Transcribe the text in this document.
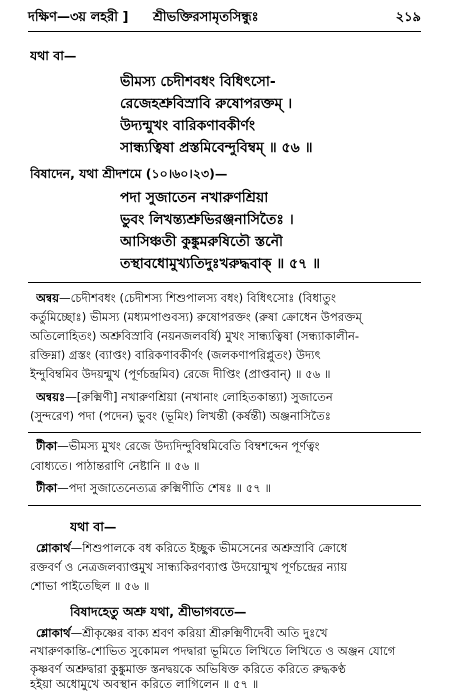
দক্ষিণ—৩য় লহরী ] শ্রীভক্তিরসামৃতসিন্ধুঃ	২১৯
যথা বা—
ভীমস্য চেদীশবধং বিধিৎসো-
রেজেহশ্রুবিস্রাবি রুষোপরক্তম্ ।
উদ্যন্মুখং বারিকণাবকীর্ণং
সান্ধ্যত্বিষা প্রস্তমিবেন্দুবিম্বম্ ॥ ৫৬ ॥
বিষাদেন, যথা শ্রীদশমে (১০।৬০।২৩)—
পদা সুজাতেন নখারুণশ্রিয়া
ভুবং লিখন্ত্যশ্রুভিরঞ্জনাসিতৈঃ ।
আসিঞ্চতী কুঙ্কুমরুষিতৌ স্তনৌ
তস্থাবধোমুখ্যতিদুঃখরুদ্ধবাক্ ॥ ৫৭ ॥
অন্বয়—চেদীশবধং (চেদীশস্য শিশুপালস্য বধং) বিধিৎসোঃ (বিধাতুং
কর্তুমিচ্ছোঃ) ভীমস্য (মধ্যমপাণ্ডবস্য) রুষোপরক্তং (রুষা ক্রোধেন উপরক্তম্
অতিলোহিতং) অশ্রুবিস্রাবি (নয়নজলবর্ষি) মুখং সান্ধ্যত্বিষা (সন্ধ্যাকালীন-
রক্তিম্না) গ্রস্তং (ব্যাপ্তং) বারিকণাবকীর্ণং (জলকণাপরিপ্লুতং) উদ্যৎ
ইন্দুবিম্বমিব উদয়ন্মুখ (পূর্ণচন্দ্রমিব) রেজে দীপ্তিং (প্রাপ্তবান্) ॥ ৫৬ ॥
অন্বয়ঃ—[রুক্মিণী] নখারুণশ্রিয়া (নখানাং লোহিতকান্ত্যা) সুজাতেন
(সুন্দরেণ) পদা (পদেন) ভুবং (ভূমিং) লিখন্তী (কর্ষন্তী) অঞ্জনাসিতৈঃ
টীকা—ভীমস্য মুখং রেজে উদ্যদিন্দুবিম্বমিবেতি বিম্বশব্দেন পূর্ণত্বং
বোধ্যতে। পাঠান্তরাণি নেষ্টানি ॥ ৫৬ ॥
টীকা—পদা সুজাতেনেত্যত্র রুক্মিণীতি শেষঃ ॥ ৫৭ ॥
যথা বা—
শ্লোকার্থ—শিশুপালকে বধ করিতে ইচ্ছুক ভীমসেনের অশ্রুস্রাবি ক্রোধে
রক্তবর্ণ ও নেত্রজলব্যাপ্তমুখ সান্ধ্যকিরণব্যাপ্ত উদয়োন্মুখ পূর্ণচন্দ্রের ন্যায়
শোভা পাইতেছিল ॥ ৫৬ ॥
বিষাদহেতু অশ্রু যথা, শ্রীভাগবতে—
শ্লোকার্থ—শ্রীকৃষ্ণের বাক্য শ্রবণ করিয়া শ্রীরুক্মিণীদেবী অতি দুঃখে
নখারুণকান্তি-শোভিত সুকোমল পদদ্বারা ভূমিতে লিখিতে লিখিতে ও অঞ্জন যোগে
কৃষ্ণবর্ণ অশ্রুদ্বারা কুঙ্কুমাক্ত স্তনদ্বয়কে অভিষিক্ত করিতে করিতে রুদ্ধকণ্ঠ
হইয়া অধোমুখে অবস্থান করিতে লাগিলেন ॥ ৫৭ ॥
